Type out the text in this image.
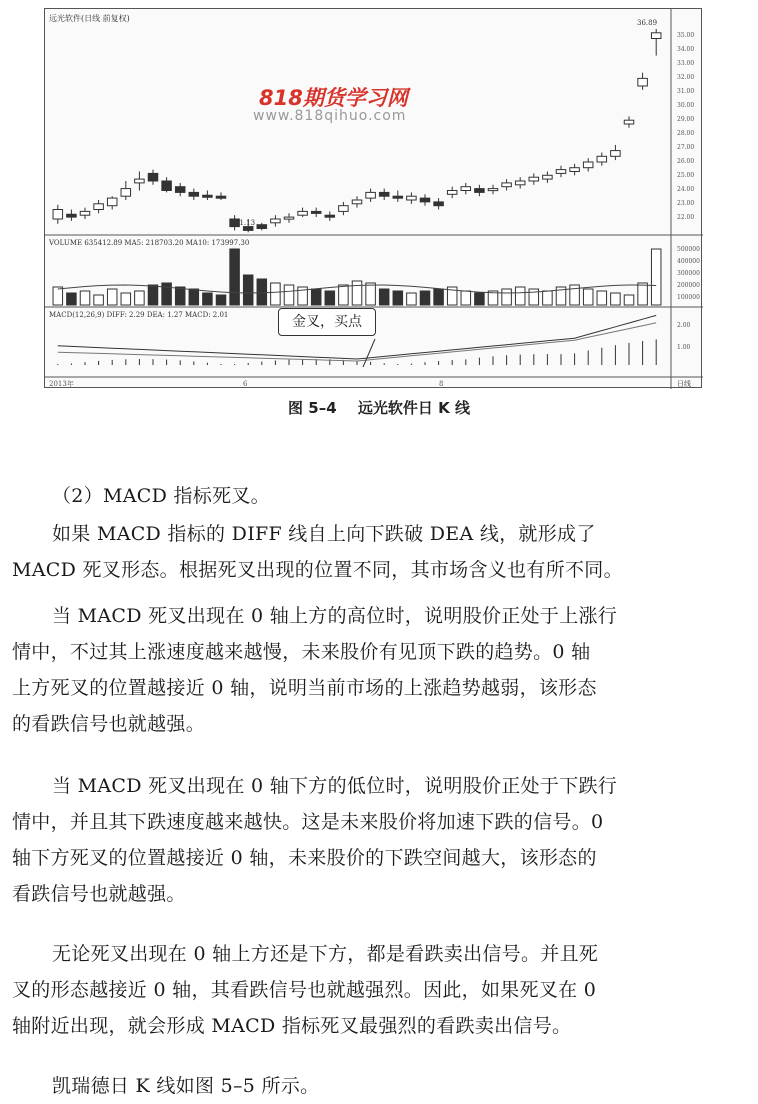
远光软件(日线 前复权)
VOLUME 635412.89 MA5: 218703.20 MA10: 173997.30
MACD(12,26,9) DIFF: 2.29 DEA: 1.27 MACD: 2.01
36.89
21.13
35.00
34.00
33.00
32.00
31.00
30.00
29.00
28.00
27.00
26.00
25.00
24.00
23.00
22.00
500000
400000
300000
200000
100000
2.00
1.00
2013年	6	8	日线
818期货学习网
www.818qihuo.com
金叉，买点
图 5–4 远光软件日 K 线
（2）MACD 指标死叉。
如果 MACD 指标的 DIFF 线自上向下跌破 DEA 线，就形成了
MACD 死叉形态。根据死叉出现的位置不同，其市场含义也有所不同。
当 MACD 死叉出现在 0 轴上方的高位时，说明股价正处于上涨行
情中，不过其上涨速度越来越慢，未来股价有见顶下跌的趋势。0 轴
上方死叉的位置越接近 0 轴，说明当前市场的上涨趋势越弱，该形态
的看跌信号也就越强。
当 MACD 死叉出现在 0 轴下方的低位时，说明股价正处于下跌行
情中，并且其下跌速度越来越快。这是未来股价将加速下跌的信号。0
轴下方死叉的位置越接近 0 轴，未来股价的下跌空间越大，该形态的
看跌信号也就越强。
无论死叉出现在 0 轴上方还是下方，都是看跌卖出信号。并且死
叉的形态越接近 0 轴，其看跌信号也就越强烈。因此，如果死叉在 0
轴附近出现，就会形成 MACD 指标死叉最强烈的看跌卖出信号。
凯瑞德日 K 线如图 5–5 所示。
